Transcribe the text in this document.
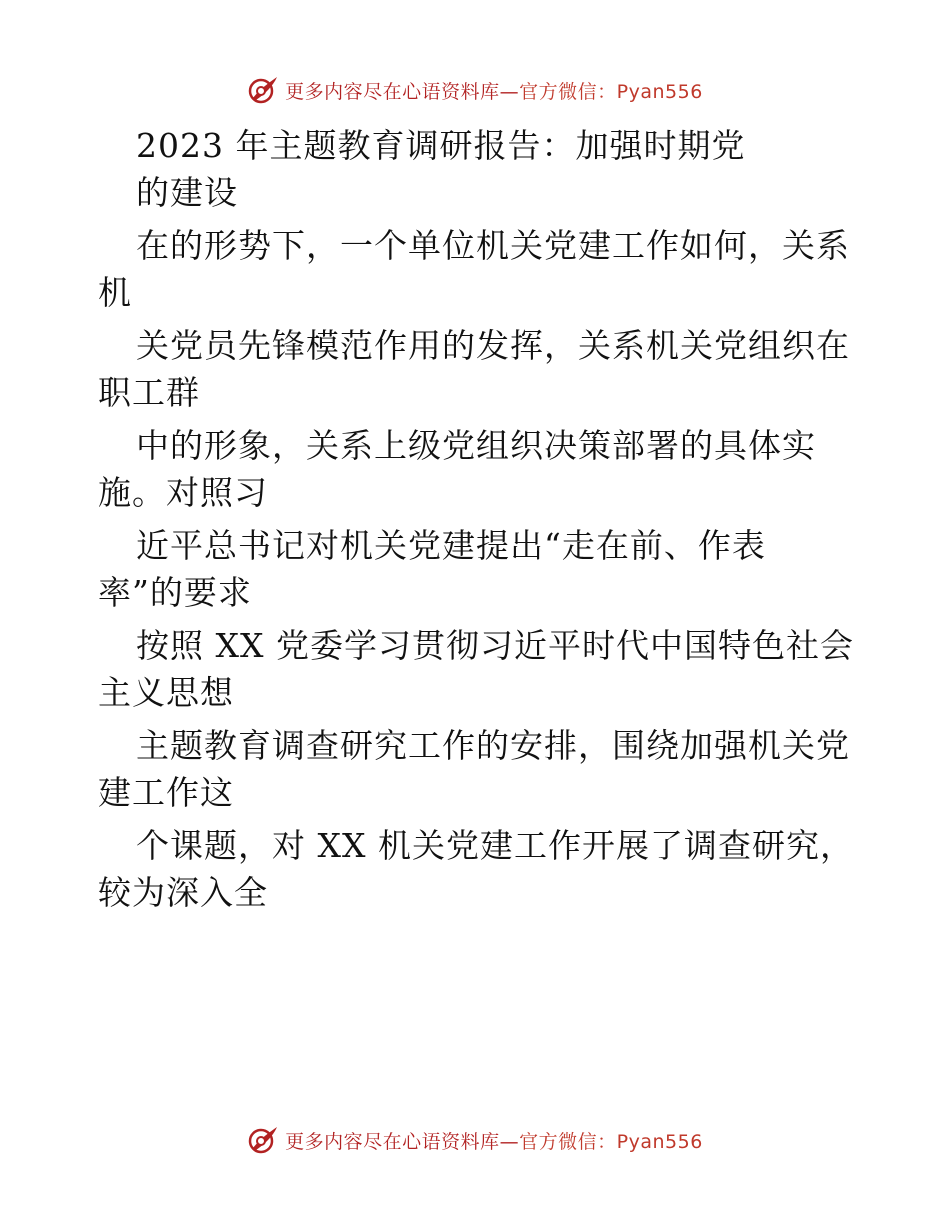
更多内容尽在心语资料库—官方微信：Pyan556
2023 年主题教育调研报告：加强时期党
的建设
在的形势下，一个单位机关党建工作如何，关系
机
关党员先锋模范作用的发挥，关系机关党组织在
职工群
中的形象，关系上级党组织决策部署的具体实
施。对照习
近平总书记对机关党建提出“走在前、作表
率”的要求
按照 XX 党委学习贯彻习近平时代中国特色社会
主义思想
主题教育调查研究工作的安排，围绕加强机关党
建工作这
个课题，对 XX 机关党建工作开展了调查研究，
较为深入全
更多内容尽在心语资料库—官方微信：Pyan556
